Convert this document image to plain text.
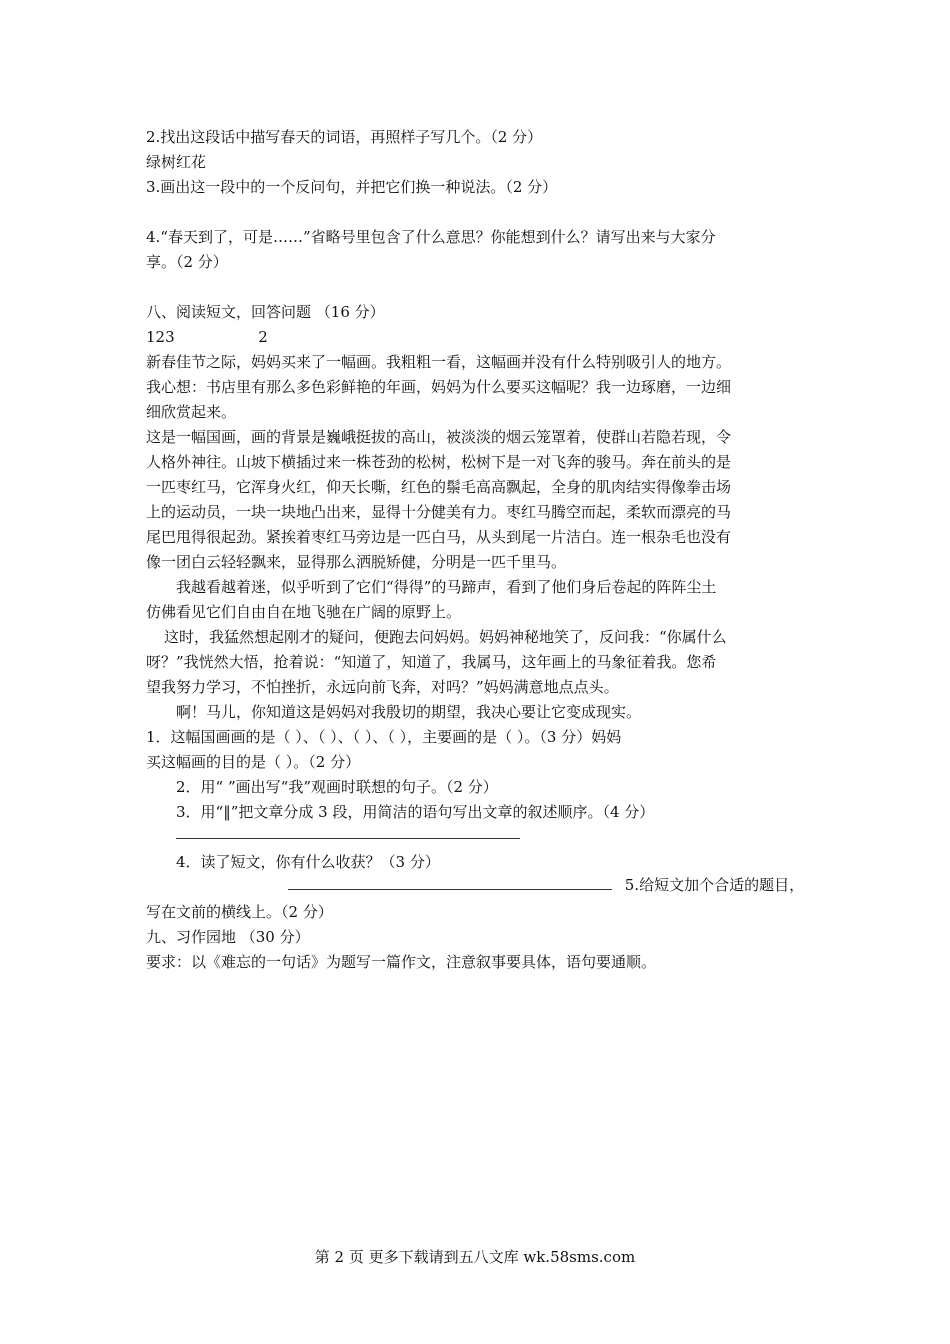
2.找出这段话中描写春天的词语，再照样子写几个。（2 分）
绿树红花
3.画出这一段中的一个反问句，并把它们换一种说法。（2 分）
4.“春天到了，可是……”省略号里包含了什么意思？你能想到什么？请写出来与大家分
享。（2 分）
八、阅读短文，回答问题 （16 分）
123	2
新春佳节之际，妈妈买来了一幅画。我粗粗一看，这幅画并没有什么特别吸引人的地方。
我心想：书店里有那么多色彩鲜艳的年画，妈妈为什么要买这幅呢？我一边琢磨，一边细
细欣赏起来。
这是一幅国画，画的背景是巍峨挺拔的高山，被淡淡的烟云笼罩着，使群山若隐若现，令
人格外神往。山坡下横插过来一株苍劲的松树，松树下是一对飞奔的骏马。奔在前头的是
一匹枣红马，它浑身火红，仰天长嘶，红色的鬃毛高高飘起，全身的肌肉结实得像拳击场
上的运动员，一块一块地凸出来，显得十分健美有力。枣红马腾空而起，柔软而漂亮的马
尾巴甩得很起劲。紧挨着枣红马旁边是一匹白马，从头到尾一片洁白。连一根杂毛也没有
像一团白云轻轻飘来，显得那么洒脱矫健，分明是一匹千里马。
我越看越着迷，似乎听到了它们“得得”的马蹄声，看到了他们身后卷起的阵阵尘土
仿佛看见它们自由自在地飞驰在广阔的原野上。
这时，我猛然想起刚才的疑问，便跑去问妈妈。妈妈神秘地笑了，反问我：“你属什么
呀？”我恍然大悟，抢着说：“知道了，知道了，我属马，这年画上的马象征着我。您希
望我努力学习，不怕挫折，永远向前飞奔，对吗？”妈妈满意地点点头。
啊！马儿，你知道这是妈妈对我殷切的期望，我决心要让它变成现实。
1．这幅国画画的是（ ）、（ ）、（ ）、（ ），主要画的是（ ）。（3 分）妈妈
买这幅画的目的是（ ）。（2 分）
2．用“ ”画出写“我”观画时联想的句子。（2 分）
3．用“‖”把文章分成 3 段，用简洁的语句写出文章的叙述顺序。（4 分）
4．读了短文，你有什么收获？（3 分）
5.给短文加个合适的题目，
写在文前的横线上。（2 分）
九、习作园地 （30 分）
要求：以《难忘的一句话》为题写一篇作文，注意叙事要具体，语句要通顺。
第 2 页 更多下载请到五八文库 wk.58sms.com
